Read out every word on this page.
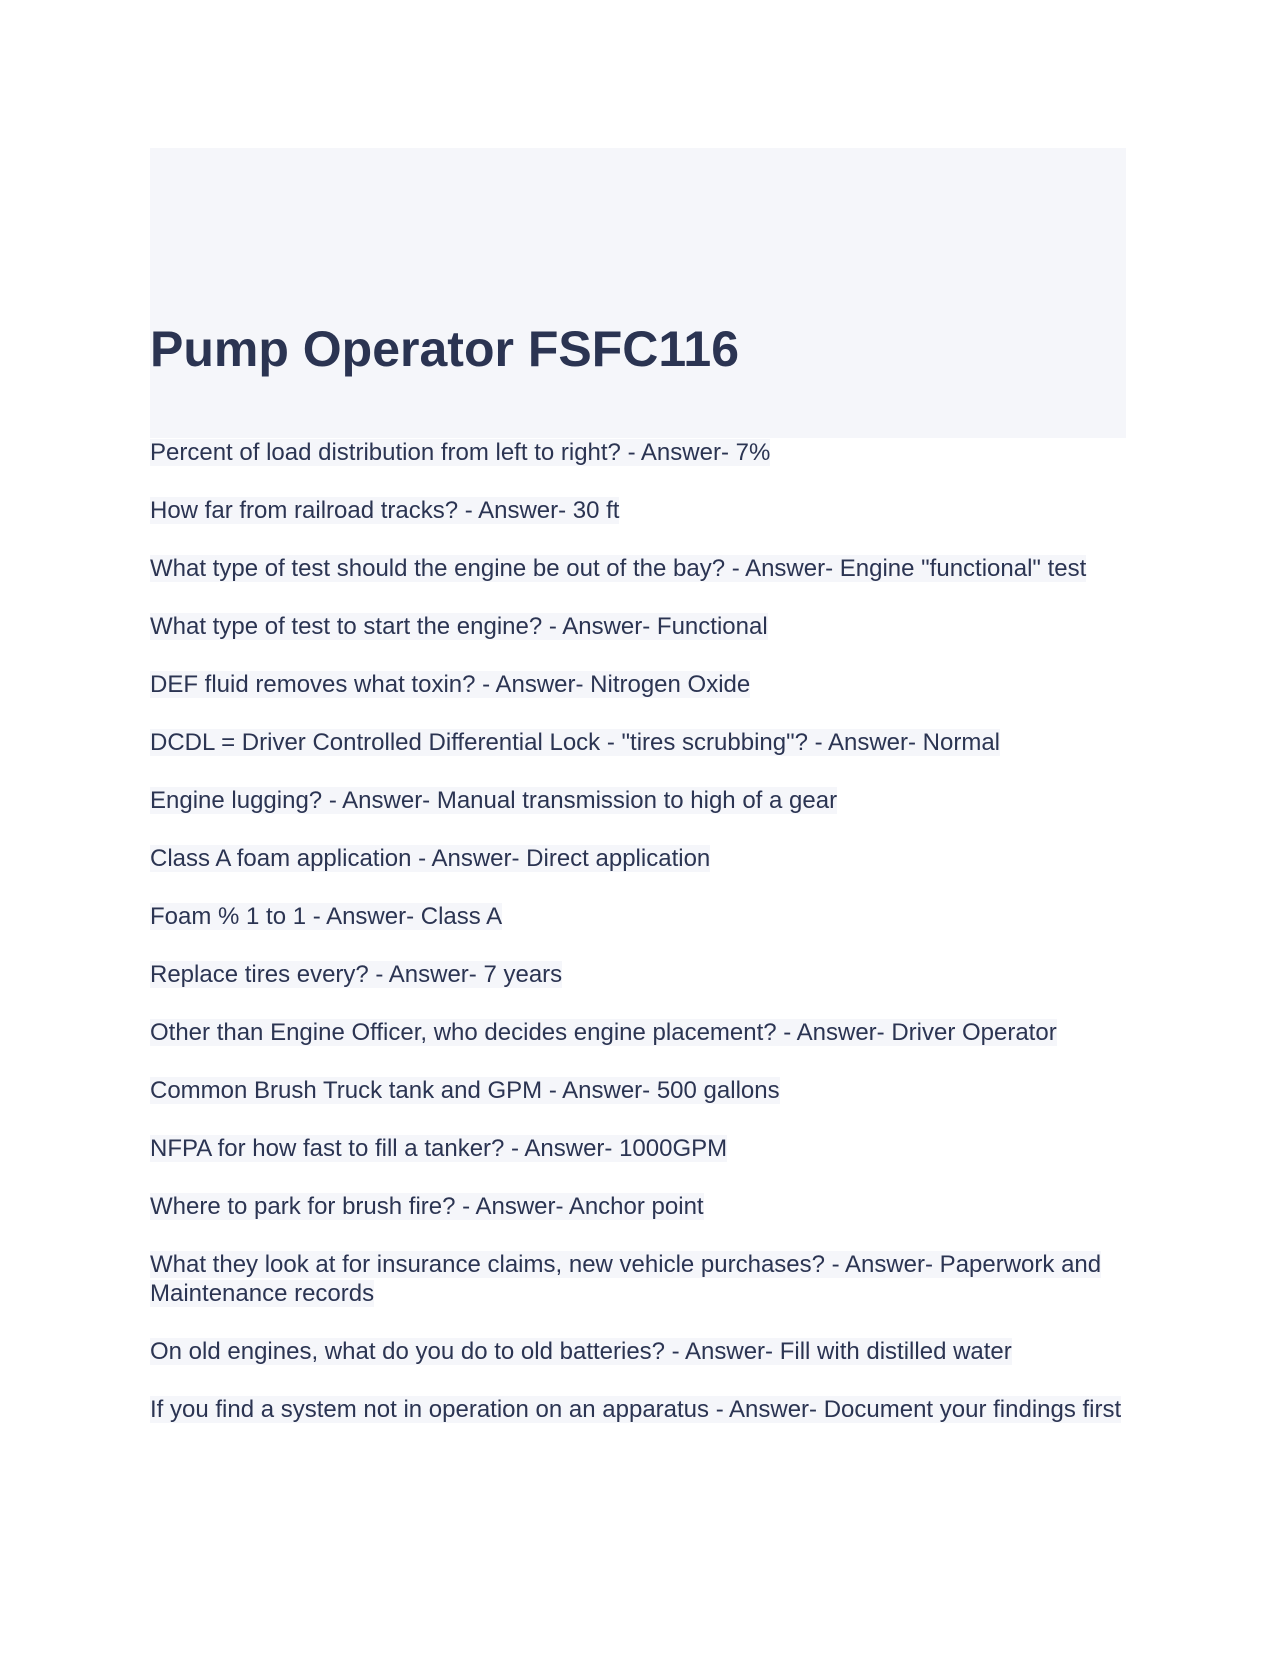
Pump Operator FSFC116
Percent of load distribution from left to right? - Answer- 7%
How far from railroad tracks? - Answer- 30 ft
What type of test should the engine be out of the bay? - Answer- Engine "functional" test
What type of test to start the engine? - Answer- Functional
DEF fluid removes what toxin? - Answer- Nitrogen Oxide
DCDL = Driver Controlled Differential Lock - "tires scrubbing"? - Answer- Normal
Engine lugging? - Answer- Manual transmission to high of a gear
Class A foam application - Answer- Direct application
Foam % 1 to 1 - Answer- Class A
Replace tires every? - Answer- 7 years
Other than Engine Officer, who decides engine placement? - Answer- Driver Operator
Common Brush Truck tank and GPM - Answer- 500 gallons
NFPA for how fast to fill a tanker? - Answer- 1000GPM
Where to park for brush fire? - Answer- Anchor point
What they look at for insurance claims, new vehicle purchases? - Answer- Paperwork and Maintenance records
On old engines, what do you do to old batteries? - Answer- Fill with distilled water
If you find a system not in operation on an apparatus - Answer- Document your findings first
